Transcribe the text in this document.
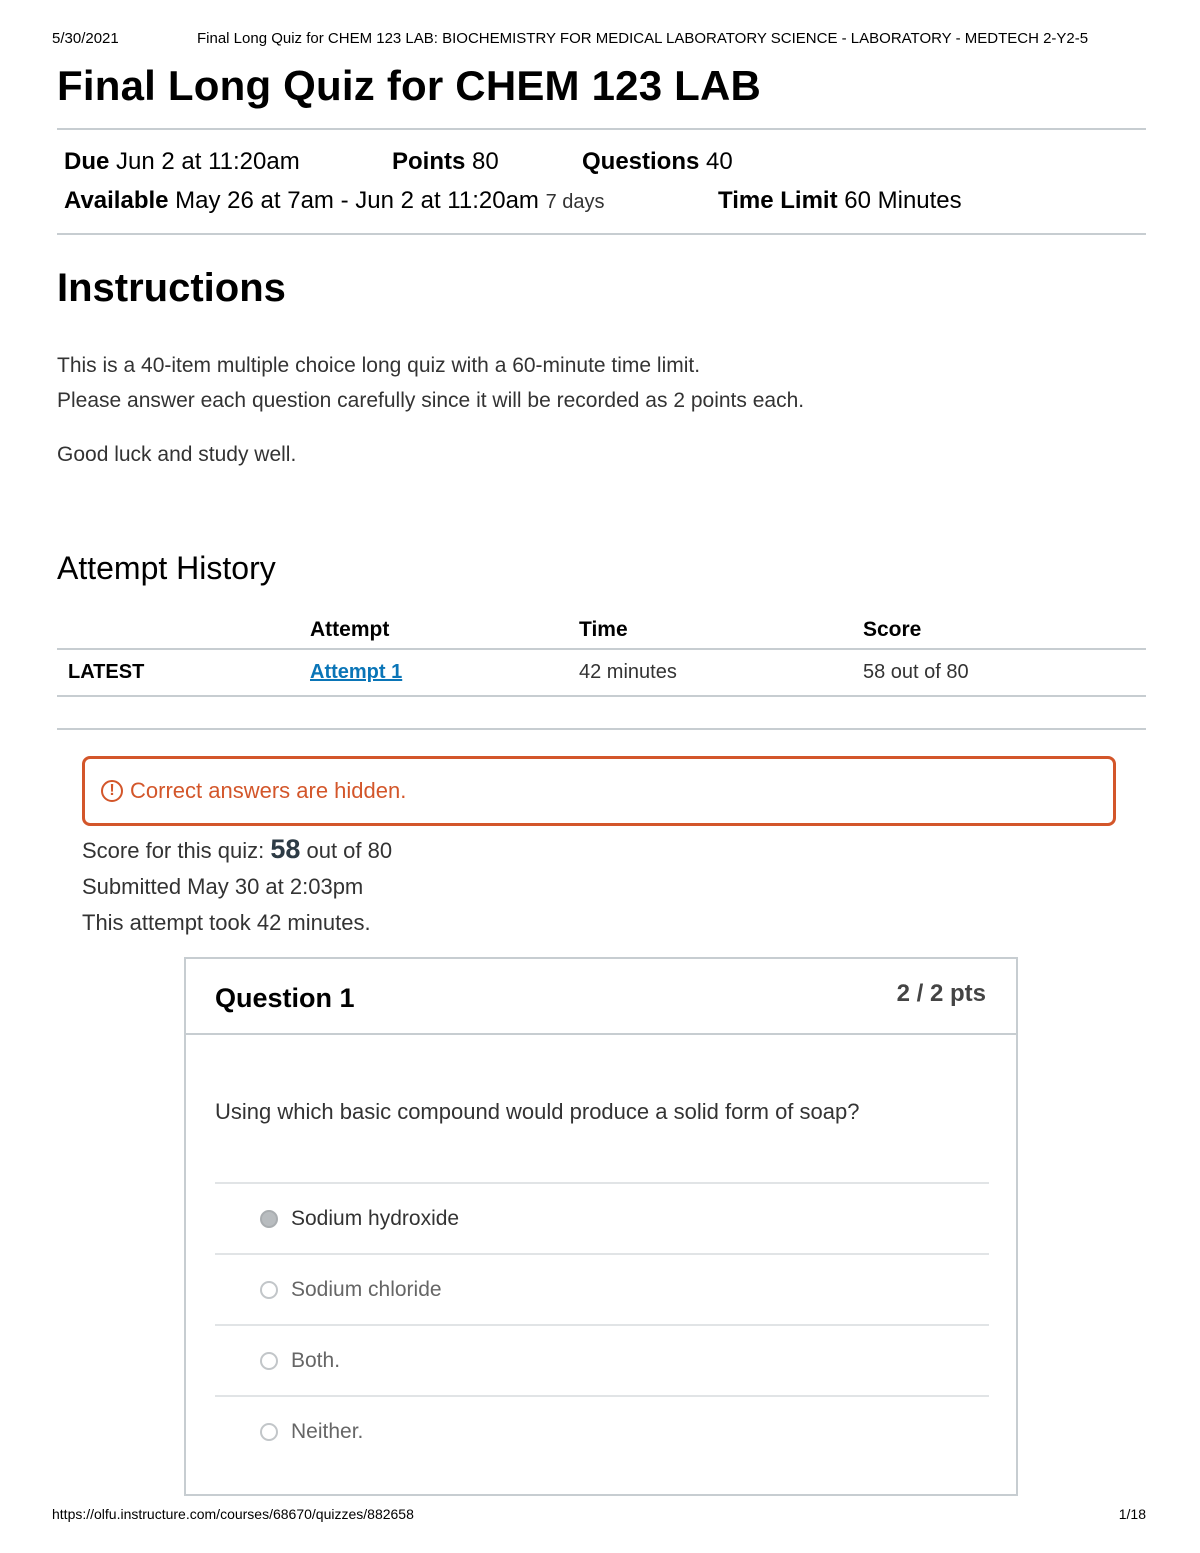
5/30/2021	Final Long Quiz for CHEM 123 LAB: BIOCHEMISTRY FOR MEDICAL LABORATORY SCIENCE - LABORATORY - MEDTECH 2-Y2-5
Final Long Quiz for CHEM 123 LAB
Due Jun 2 at 11:20am	Points 80	Questions 40
Available May 26 at 7am - Jun 2 at 11:20am 7 days	Time Limit 60 Minutes
Instructions

This is a 40-item multiple choice long quiz with a 60-minute time limit.

Please answer each question carefully since it will be recorded as 2 points each.

Good luck and study well.

Attempt History
	Attempt	Time	Score
LATEST	Attempt 1	42 minutes	58 out of 80
! Correct answers are hidden.
Score for this quiz: 58 out of 80
Submitted May 30 at 2:03pm
This attempt took 42 minutes.
Question 1	2 / 2 pts

Using which basic compound would produce a solid form of soap?

Sodium hydroxide
Sodium chloride
Both.
Neither.
https://olfu.instructure.com/courses/68670/quizzes/882658	1/18
